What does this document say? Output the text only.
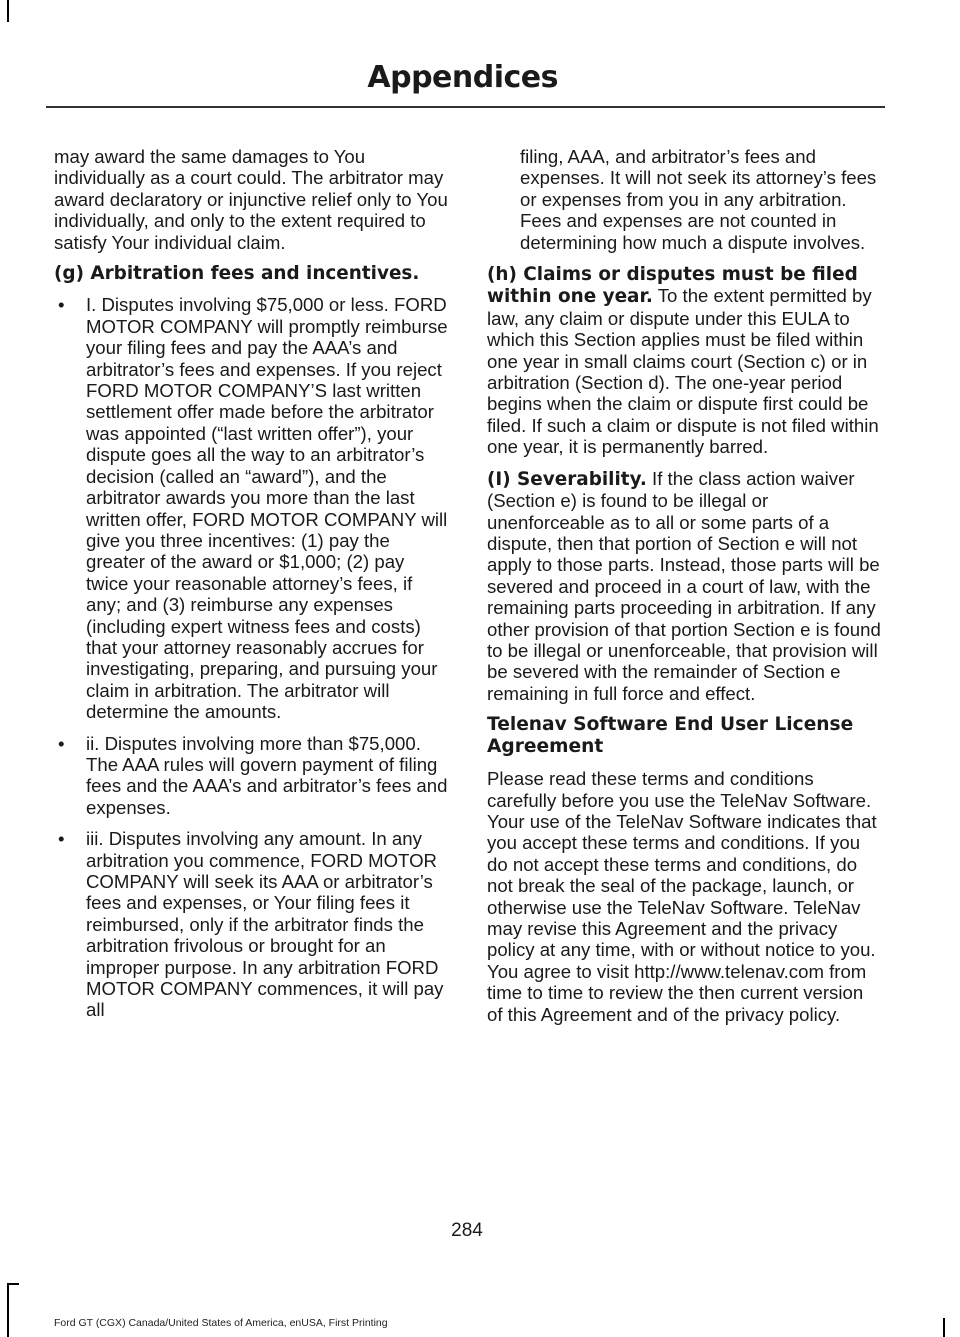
Appendices

may award the same damages to You individually as a court could. The arbitrator may award declaratory or injunctive relief only to You individually, and only to the extent required to satisfy Your individual claim.

(g) Arbitration fees and incentives.

• I. Disputes involving $75,000 or less. FORD MOTOR COMPANY will promptly reimburse your filing fees and pay the AAA’s and arbitrator’s fees and expenses. If you reject FORD MOTOR COMPANY’S last written settlement offer made before the arbitrator was appointed (“last written offer”), your dispute goes all the way to an arbitrator’s decision (called an “award”), and the arbitrator awards you more than the last written offer, FORD MOTOR COMPANY will give you three incentives: (1) pay the greater of the award or $1,000; (2) pay twice your reasonable attorney’s fees, if any; and (3) reimburse any expenses (including expert witness fees and costs) that your attorney reasonably accrues for investigating, preparing, and pursuing your claim in arbitration. The arbitrator will determine the amounts.
• ii. Disputes involving more than $75,000. The AAA rules will govern payment of filing fees and the AAA’s and arbitrator’s fees and expenses.
• iii. Disputes involving any amount. In any arbitration you commence, FORD MOTOR COMPANY will seek its AAA or arbitrator’s fees and expenses, or Your filing fees it reimbursed, only if the arbitrator finds the arbitration frivolous or brought for an improper purpose. In any arbitration FORD MOTOR COMPANY commences, it will pay all

filing, AAA, and arbitrator’s fees and expenses. It will not seek its attorney’s fees or expenses from you in any arbitration. Fees and expenses are not counted in determining how much a dispute involves.

(h) Claims or disputes must be filed within one year. To the extent permitted by law, any claim or dispute under this EULA to which this Section applies must be filed within one year in small claims court (Section c) or in arbitration (Section d). The one-year period begins when the claim or dispute first could be filed. If such a claim or dispute is not filed within one year, it is permanently barred.

(I) Severability. If the class action waiver (Section e) is found to be illegal or unenforceable as to all or some parts of a dispute, then that portion of Section e will not apply to those parts. Instead, those parts will be severed and proceed in a court of law, with the remaining parts proceeding in arbitration. If any other provision of that portion Section e is found to be illegal or unenforceable, that provision will be severed with the remainder of Section e remaining in full force and effect.

Telenav Software End User License Agreement

Please read these terms and conditions carefully before you use the TeleNav Software. Your use of the TeleNav Software indicates that you accept these terms and conditions. If you do not accept these terms and conditions, do not break the seal of the package, launch, or otherwise use the TeleNav Software. TeleNav may revise this Agreement and the privacy policy at any time, with or without notice to you. You agree to visit http://www.telenav.com from time to time to review the then current version of this Agreement and of the privacy policy.

284
Ford GT (CGX) Canada/United States of America, enUSA, First Printing
